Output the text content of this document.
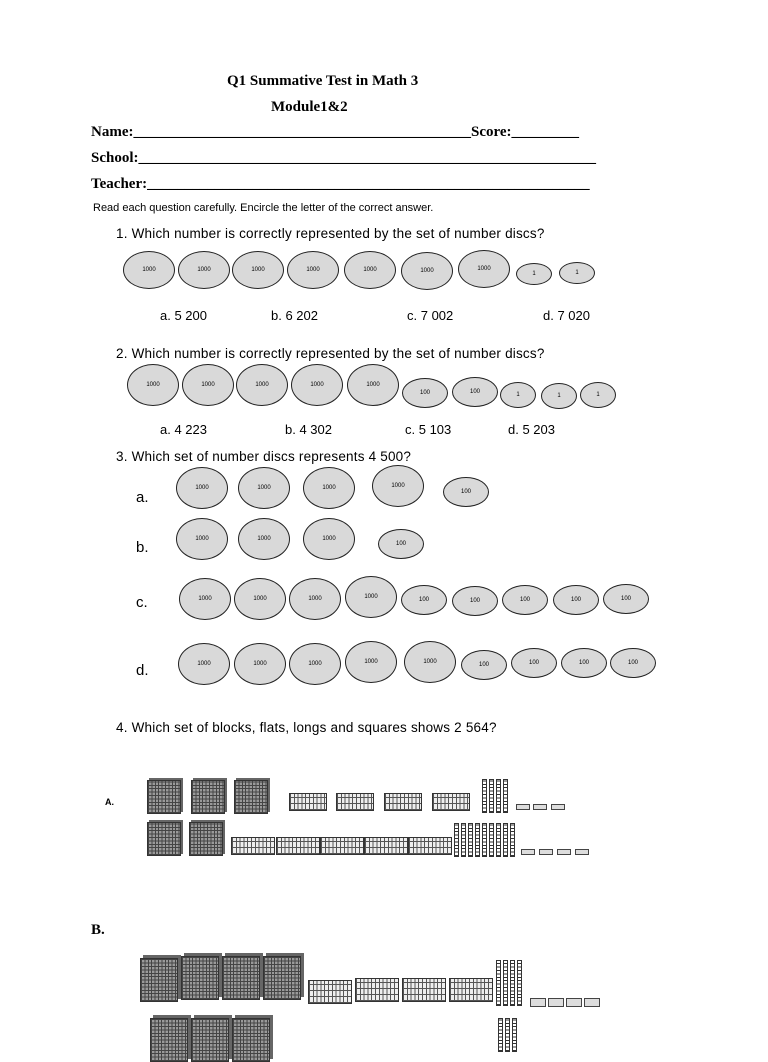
Q1 Summative Test in Math 3
Module1&2
Name:_____________________________________________Score:_________
School:_____________________________________________________________
Teacher:___________________________________________________________
Read each question carefully. Encircle the letter of the correct answer.
1. Which number is correctly represented by the set of number discs?
1000	1000	1000	1000	1000	1000	1000
1	1
a. 5 200	b. 6 202	c. 7 002	d. 7 020
2. Which number is correctly represented by the set of number discs?
1000	1000	1000	1000	1000
100	100	1	1	1
a. 4 223	b. 4 302	c. 5 103	d. 5 203
3. Which set of number discs represents 4 500?
a.
1000	1000	1000	1000
100
b.	1000	1000	1000
100
c.	1000	1000	1000	1000	100	100	100	100	100
d.	1000	1000	1000	1000	1000	100	100	100	100
4. Which set of blocks, flats, longs and squares shows 2 564?
A.
B.
